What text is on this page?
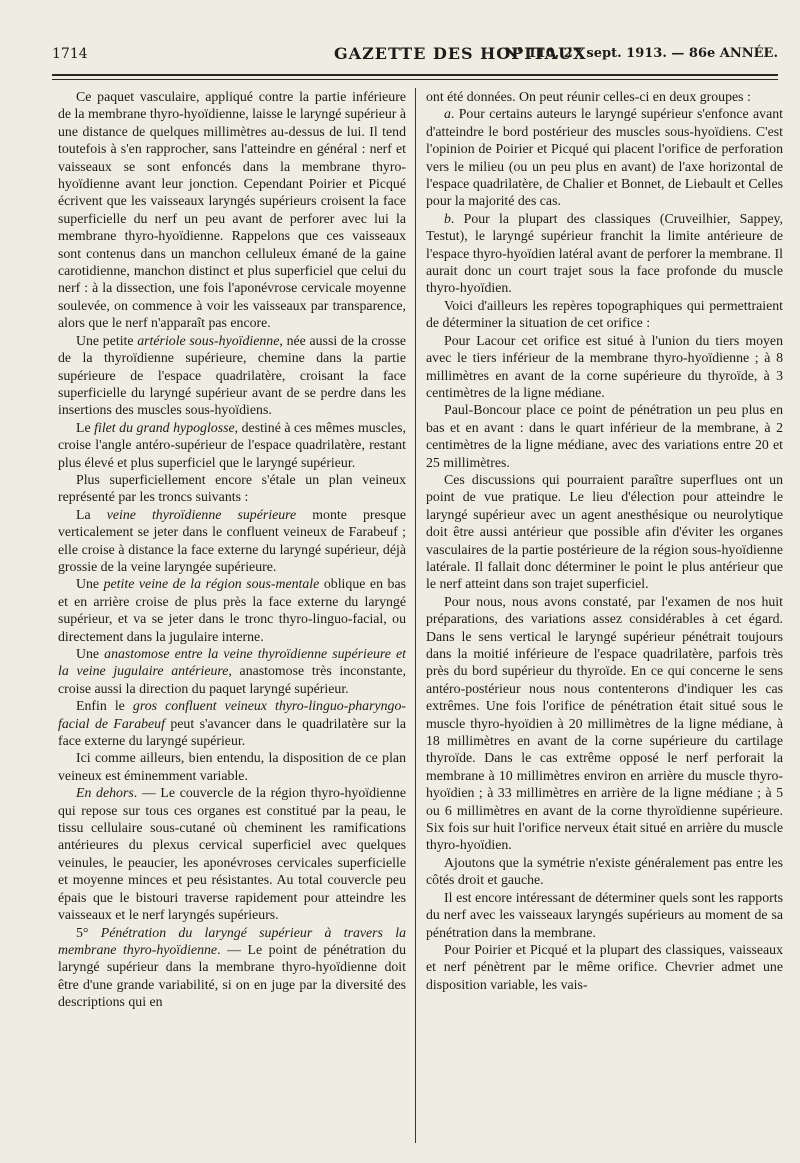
1714	GAZETTE DES HOPITAUX
N° 110, 27 sept. 1913. — 86e ANNÉE.

Ce paquet vasculaire, appliqué contre la partie inférieure de la membrane thyro-hyoïdienne, laisse le laryngé supérieur à une distance de quelques millimètres au-dessus de lui. Il tend toutefois à s'en rapprocher, sans l'atteindre en général : nerf et vaisseaux se sont enfoncés dans la membrane thyro-hyoïdienne avant leur jonction. Cependant Poirier et Picqué écrivent que les vaisseaux laryngés supérieurs croisent la face superficielle du nerf un peu avant de perforer avec lui la membrane thyro-hyoïdienne. Rappelons que ces vaisseaux sont contenus dans un manchon celluleux émané de la gaine carotidienne, manchon distinct et plus superficiel que celui du nerf : à la dissection, une fois l'aponévrose cervicale moyenne soulevée, on commence à voir les vaisseaux par transparence, alors que le nerf n'apparaît pas encore.

Une petite artériole sous-hyoïdienne, née aussi de la crosse de la thyroïdienne supérieure, chemine dans la partie supérieure de l'espace quadrilatère, croisant la face superficielle du laryngé supérieur avant de se perdre dans les insertions des muscles sous-hyoïdiens.

Le filet du grand hypoglosse, destiné à ces mêmes muscles, croise l'angle antéro-supérieur de l'espace quadrilatère, restant plus élevé et plus superficiel que le laryngé supérieur.

Plus superficiellement encore s'étale un plan veineux représenté par les troncs suivants :

La veine thyroïdienne supérieure monte presque verticalement se jeter dans le confluent veineux de Farabeuf ; elle croise à distance la face externe du laryngé supérieur, déjà grossie de la veine laryngée supérieure.

Une petite veine de la région sous-mentale oblique en bas et en arrière croise de plus près la face externe du laryngé supérieur, et va se jeter dans le tronc thyro-linguo-facial, ou directement dans la jugulaire interne.

Une anastomose entre la veine thyroïdienne supérieure et la veine jugulaire antérieure, anastomose très inconstante, croise aussi la direction du paquet laryngé supérieur.

Enfin le gros confluent veineux thyro-linguo-pharyngo-facial de Farabeuf peut s'avancer dans le quadrilatère sur la face externe du laryngé supérieur.

Ici comme ailleurs, bien entendu, la disposition de ce plan veineux est éminemment variable.

En dehors. — Le couvercle de la région thyro-hyoïdienne qui repose sur tous ces organes est constitué par la peau, le tissu cellulaire sous-cutané où cheminent les ramifications antérieures du plexus cervical superficiel avec quelques veinules, le peaucier, les aponévroses cervicales superficielle et moyenne minces et peu résistantes. Au total couvercle peu épais que le bistouri traverse rapidement pour atteindre les vaisseaux et le nerf laryngés supérieurs.

5° Pénétration du laryngé supérieur à travers la membrane thyro-hyoïdienne. — Le point de pénétration du laryngé supérieur dans la membrane thyro-hyoïdienne doit être d'une grande variabilité, si on en juge par la diversité des descriptions qui en

ont été données. On peut réunir celles-ci en deux groupes :

a. Pour certains auteurs le laryngé supérieur s'enfonce avant d'atteindre le bord postérieur des muscles sous-hyoïdiens. C'est l'opinion de Poirier et Picqué qui placent l'orifice de perforation vers le milieu (ou un peu plus en avant) de l'axe horizontal de l'espace quadrilatère, de Chalier et Bonnet, de Liebault et Celles pour la majorité des cas.

b. Pour la plupart des classiques (Cruveilhier, Sappey, Testut), le laryngé supérieur franchit la limite antérieure de l'espace thyro-hyoïdien latéral avant de perforer la membrane. Il aurait donc un court trajet sous la face profonde du muscle thyro-hyoïdien.

Voici d'ailleurs les repères topographiques qui permettraient de déterminer la situation de cet orifice :

Pour Lacour cet orifice est situé à l'union du tiers moyen avec le tiers inférieur de la membrane thyro-hyoïdienne ; à 8 millimètres en avant de la corne supérieure du thyroïde, à 3 centimètres de la ligne médiane.

Paul-Boncour place ce point de pénétration un peu plus en bas et en avant : dans le quart inférieur de la membrane, à 2 centimètres de la ligne médiane, avec des variations entre 20 et 25 millimètres.

Ces discussions qui pourraient paraître superflues ont un point de vue pratique. Le lieu d'élection pour atteindre le laryngé supérieur avec un agent anesthésique ou neurolytique doit être aussi antérieur que possible afin d'éviter les organes vasculaires de la partie postérieure de la région sous-hyoïdienne latérale. Il fallait donc déterminer le point le plus antérieur que le nerf atteint dans son trajet superficiel.

Pour nous, nous avons constaté, par l'examen de nos huit préparations, des variations assez considérables à cet égard. Dans le sens vertical le laryngé supérieur pénétrait toujours dans la moitié inférieure de l'espace quadrilatère, parfois très près du bord supérieur du thyroïde. En ce qui concerne le sens antéro-postérieur nous nous contenterons d'indiquer les cas extrêmes. Une fois l'orifice de pénétration était situé sous le muscle thyro-hyoïdien à 20 millimètres de la ligne médiane, à 18 millimètres en avant de la corne supérieure du cartilage thyroïde. Dans le cas extrême opposé le nerf perforait la membrane à 10 millimètres environ en arrière du muscle thyro-hyoïdien ; à 33 millimètres en arrière de la ligne médiane ; à 5 ou 6 millimètres en avant de la corne thyroïdienne supérieure. Six fois sur huit l'orifice nerveux était situé en arrière du muscle thyro-hyoïdien.

Ajoutons que la symétrie n'existe généralement pas entre les côtés droit et gauche.

Il est encore intéressant de déterminer quels sont les rapports du nerf avec les vaisseaux laryngés supérieurs au moment de sa pénétration dans la membrane.

Pour Poirier et Picqué et la plupart des classiques, vaisseaux et nerf pénètrent par le même orifice. Chevrier admet une disposition variable, les vais-
